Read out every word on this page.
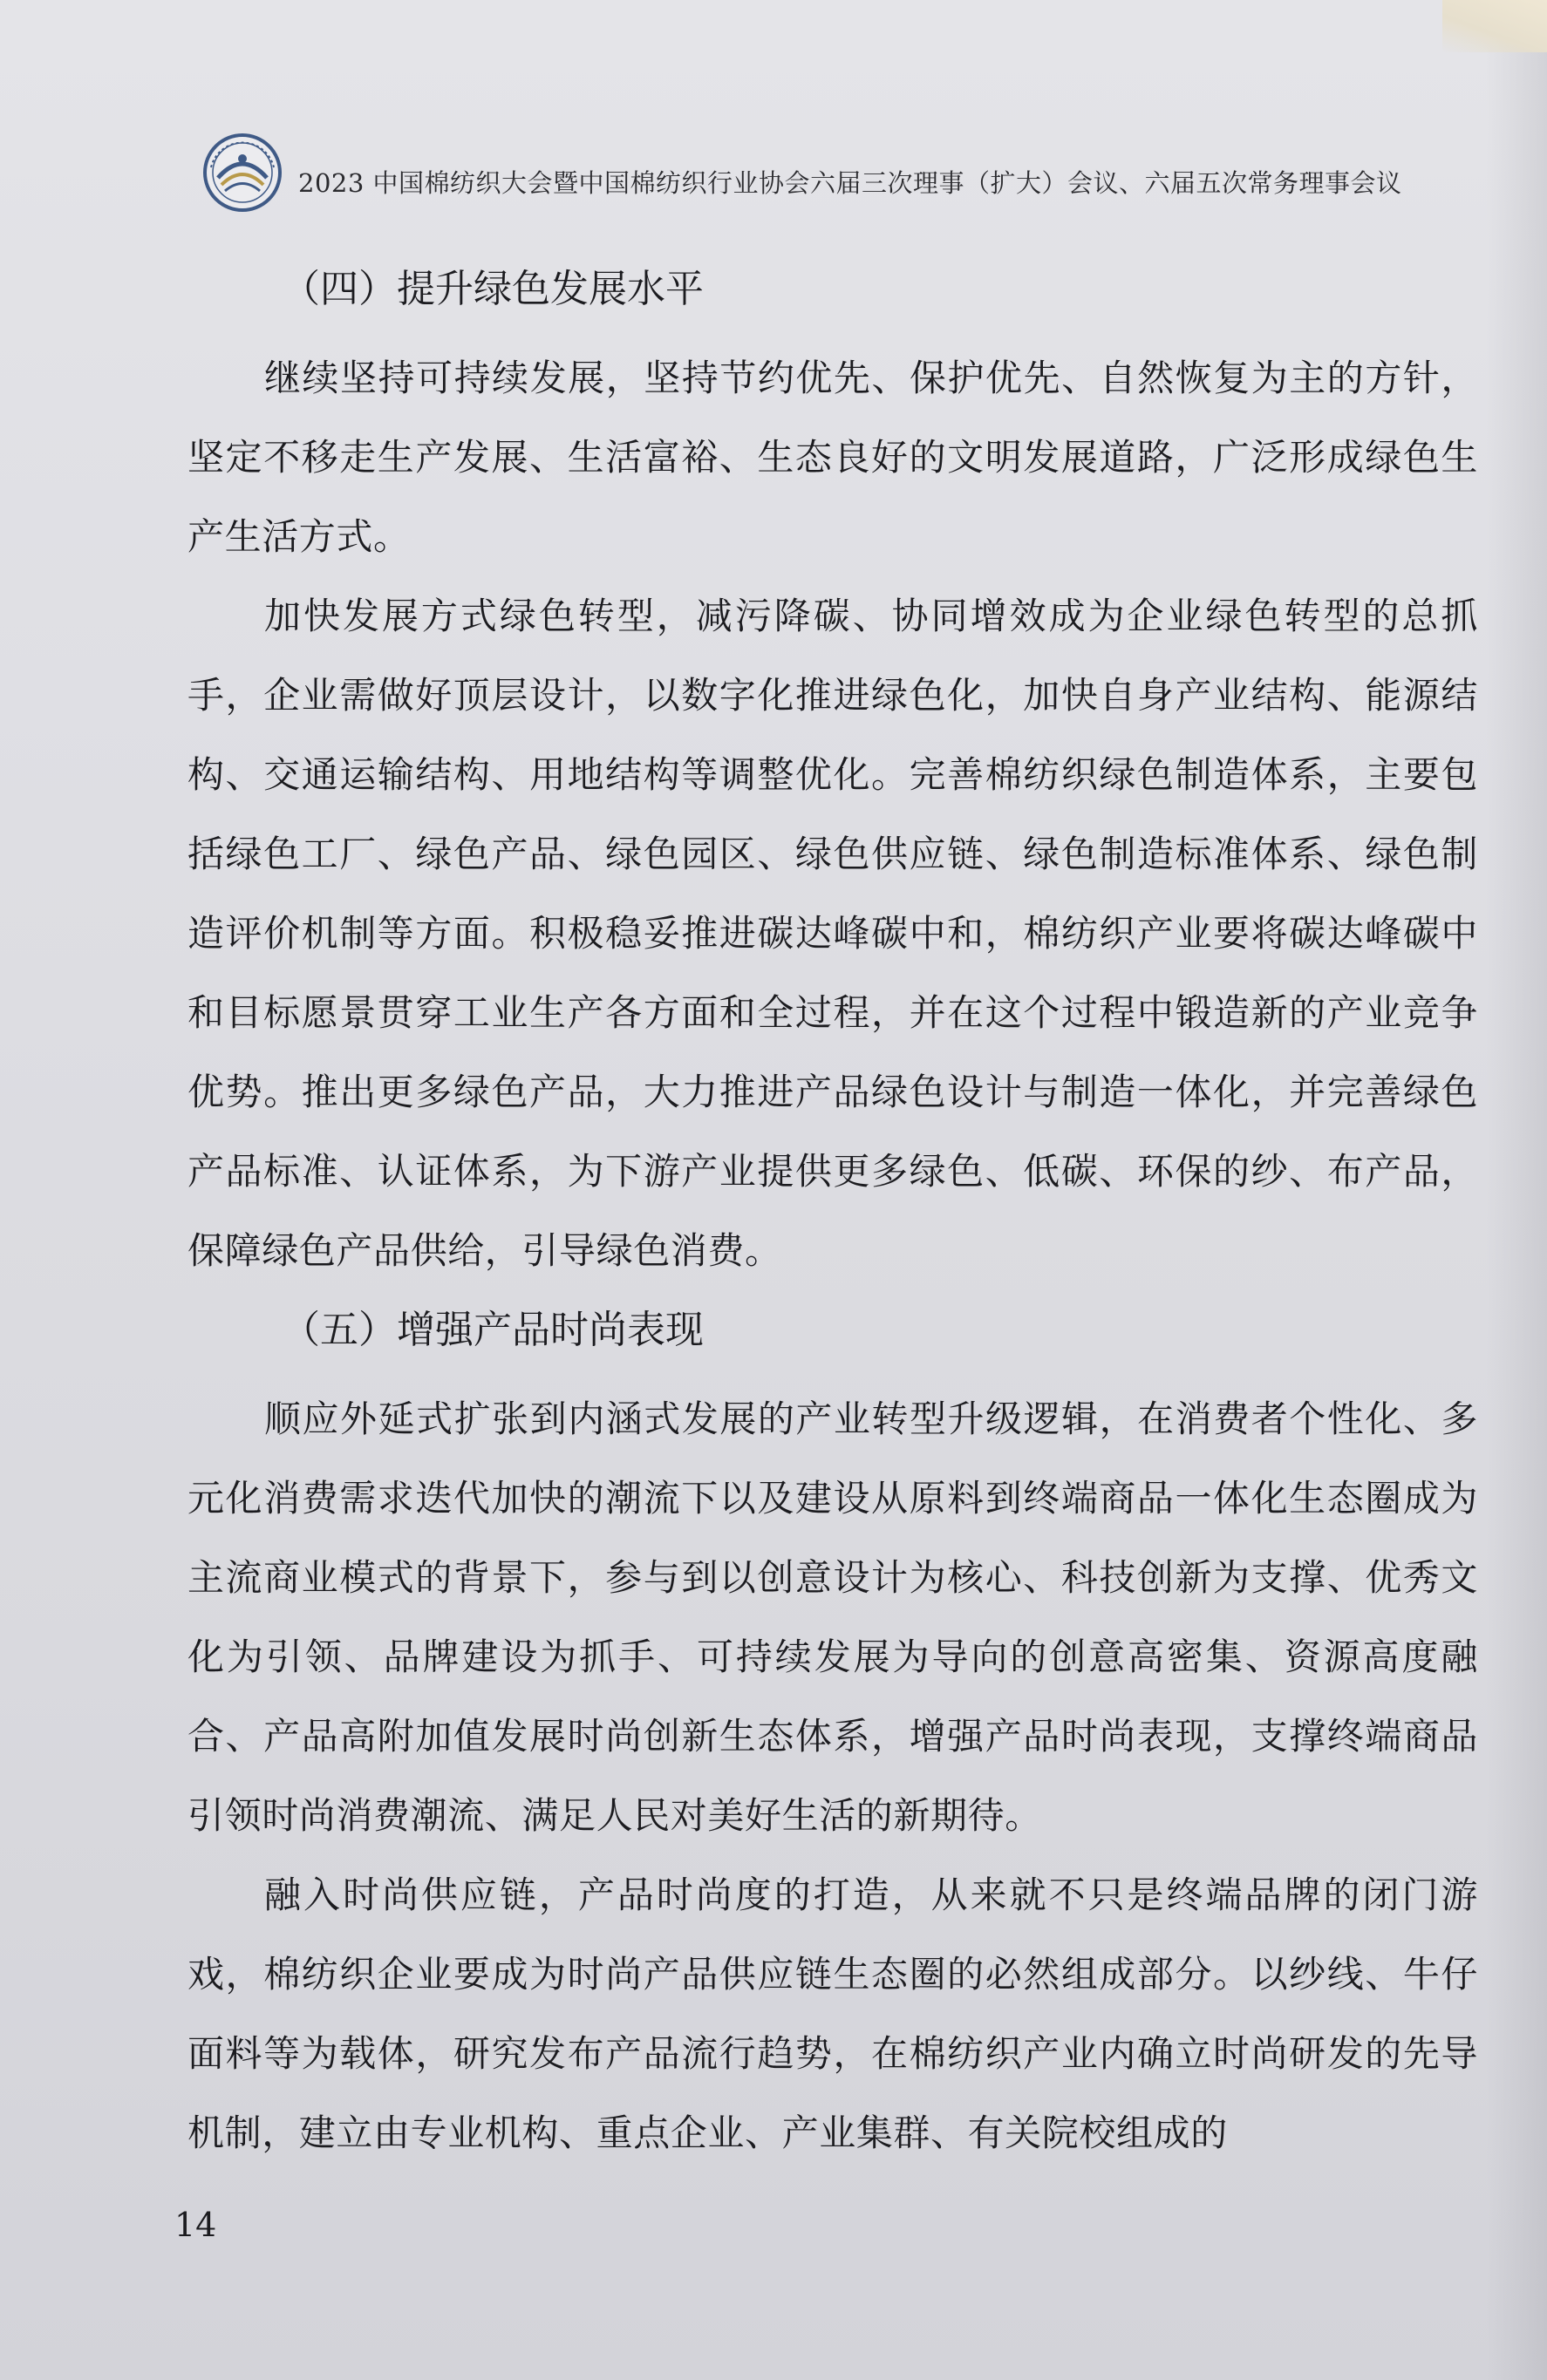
2023 中国棉纺织大会暨中国棉纺织行业协会六届三次理事（扩大）会议、六届五次常务理事会议
（四）提升绿色发展水平

继续坚持可持续发展，坚持节约优先、保护优先、自然恢复为主的方针，坚定不移走生产发展、生活富裕、生态良好的文明发展道路，广泛形成绿色生产生活方式。

加快发展方式绿色转型，减污降碳、协同增效成为企业绿色转型的总抓手，企业需做好顶层设计，以数字化推进绿色化，加快自身产业结构、能源结构、交通运输结构、用地结构等调整优化。完善棉纺织绿色制造体系，主要包括绿色工厂、绿色产品、绿色园区、绿色供应链、绿色制造标准体系、绿色制造评价机制等方面。积极稳妥推进碳达峰碳中和，棉纺织产业要将碳达峰碳中和目标愿景贯穿工业生产各方面和全过程，并在这个过程中锻造新的产业竞争优势。推出更多绿色产品，大力推进产品绿色设计与制造一体化，并完善绿色产品标准、认证体系，为下游产业提供更多绿色、低碳、环保的纱、布产品，保障绿色产品供给，引导绿色消费。

（五）增强产品时尚表现

顺应外延式扩张到内涵式发展的产业转型升级逻辑，在消费者个性化、多元化消费需求迭代加快的潮流下以及建设从原料到终端商品一体化生态圈成为主流商业模式的背景下，参与到以创意设计为核心、科技创新为支撑、优秀文化为引领、品牌建设为抓手、可持续发展为导向的创意高密集、资源高度融合、产品高附加值发展时尚创新生态体系，增强产品时尚表现，支撑终端商品引领时尚消费潮流、满足人民对美好生活的新期待。

融入时尚供应链，产品时尚度的打造，从来就不只是终端品牌的闭门游戏，棉纺织企业要成为时尚产品供应链生态圈的必然组成部分。以纱线、牛仔面料等为载体，研究发布产品流行趋势，在棉纺织产业内确立时尚研发的先导机制，建立由专业机构、重点企业、产业集群、有关院校组成的

14
